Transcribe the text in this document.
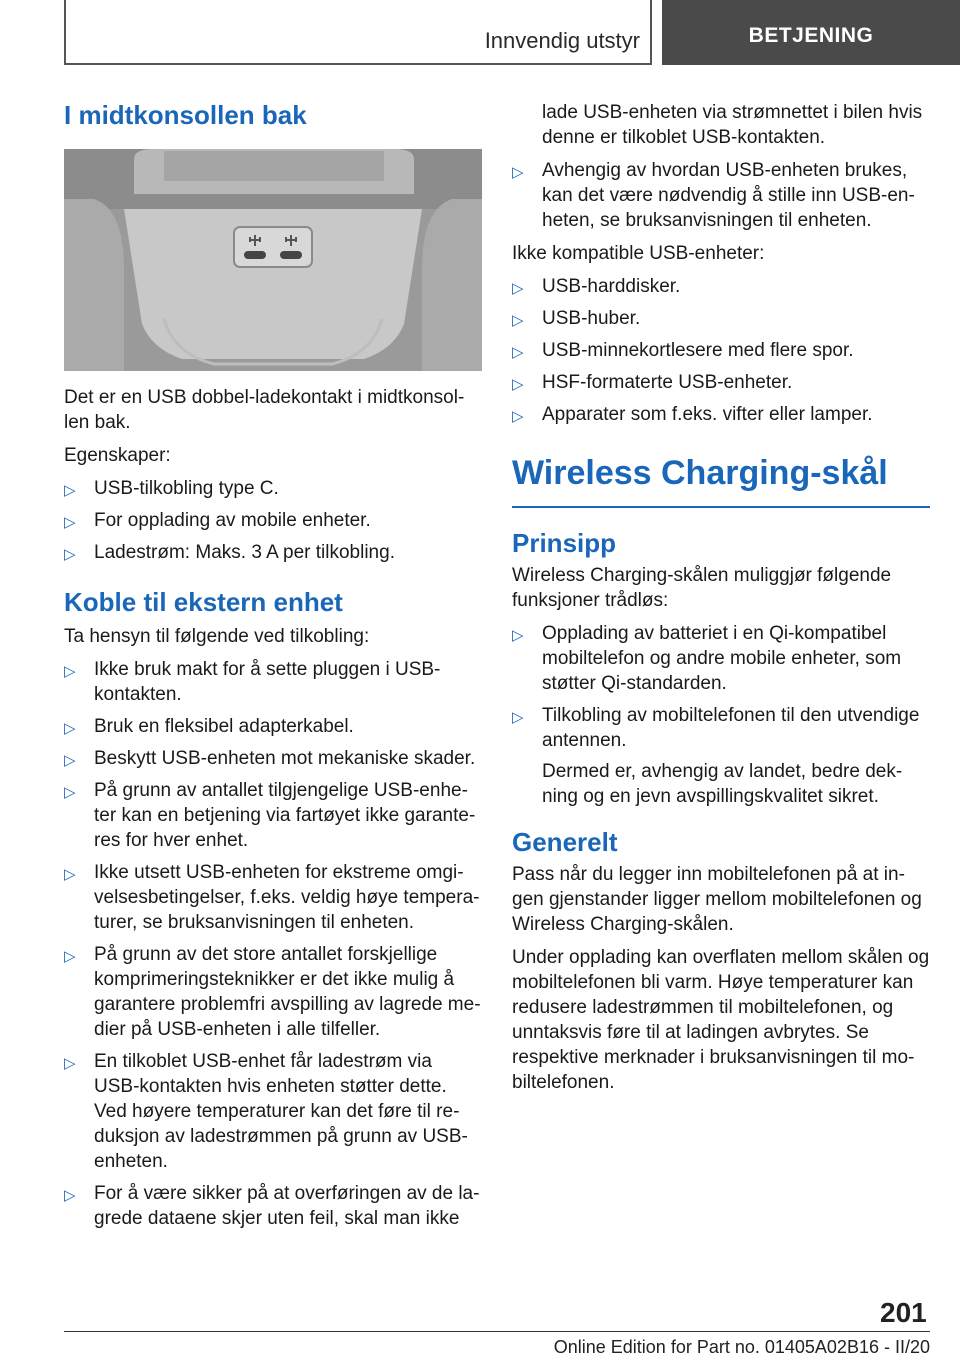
Innvendig utstyr	BETJENING
I midtkonsollen bak

Det er en USB dobbel-ladekontakt i midtkonsollen bak.

Egenskaper:

▷ USB-tilkobling type C.
▷ For opplading av mobile enheter.
▷ Ladestrøm: Maks. 3 A per tilkobling.
Koble til ekstern enhet

Ta hensyn til følgende ved tilkobling:

▷ Ikke bruk makt for å sette pluggen i USB-kontakten.
▷ Bruk en fleksibel adapterkabel.
▷ Beskytt USB-enheten mot mekaniske skader.
▷ På grunn av antallet tilgjengelige USB-enheter kan en betjening via fartøyet ikke garanteres for hver enhet.
▷ Ikke utsett USB-enheten for ekstreme omgivelsesbetingelser, f.eks. veldig høye temperaturer, se bruksanvisningen til enheten.
▷ På grunn av det store antallet forskjellige komprimeringsteknikker er det ikke mulig å garantere problemfri avspilling av lagrede medier på USB-enheten i alle tilfeller.
▷ En tilkoblet USB-enhet får ladestrøm via USB-kontakten hvis enheten støtter dette. Ved høyere temperaturer kan det føre til reduksjon av ladestrømmen på grunn av USB-enheten.
▷ For å være sikker på at overføringen av de lagrede dataene skjer uten feil, skal man ikke
lade USB-enheten via strømnettet i bilen hvis denne er tilkoblet USB-kontakten.
▷ Avhengig av hvordan USB-enheten brukes, kan det være nødvendig å stille inn USB-enheten, se bruksanvisningen til enheten.

Ikke kompatible USB-enheter:

▷ USB-harddisker.
▷ USB-huber.
▷ USB-minnekortlesere med flere spor.
▷ HSF-formaterte USB-enheter.
▷ Apparater som f.eks. vifter eller lamper.
Wireless Charging-skål
Prinsipp

Wireless Charging-skålen muliggjør følgende funksjoner trådløs:

▷ Opplading av batteriet i en Qi-kompatibel mobiltelefon og andre mobile enheter, som støtter Qi-standarden.
▷ Tilkobling av mobiltelefonen til den utvendige antennen.
Dermed er, avhengig av landet, bedre dekning og en jevn avspillingskvalitet sikret.
Generelt

Pass når du legger inn mobiltelefonen på at ingen gjenstander ligger mellom mobiltelefonen og Wireless Charging-skålen.

Under opplading kan overflaten mellom skålen og mobiltelefonen bli varm. Høye temperaturer kan redusere ladestrømmen til mobiltelefonen, og unntaksvis føre til at ladingen avbrytes. Se respektive merknader i bruksanvisningen til mobiltelefonen.

201
Online Edition for Part no. 01405A02B16 - II/20
